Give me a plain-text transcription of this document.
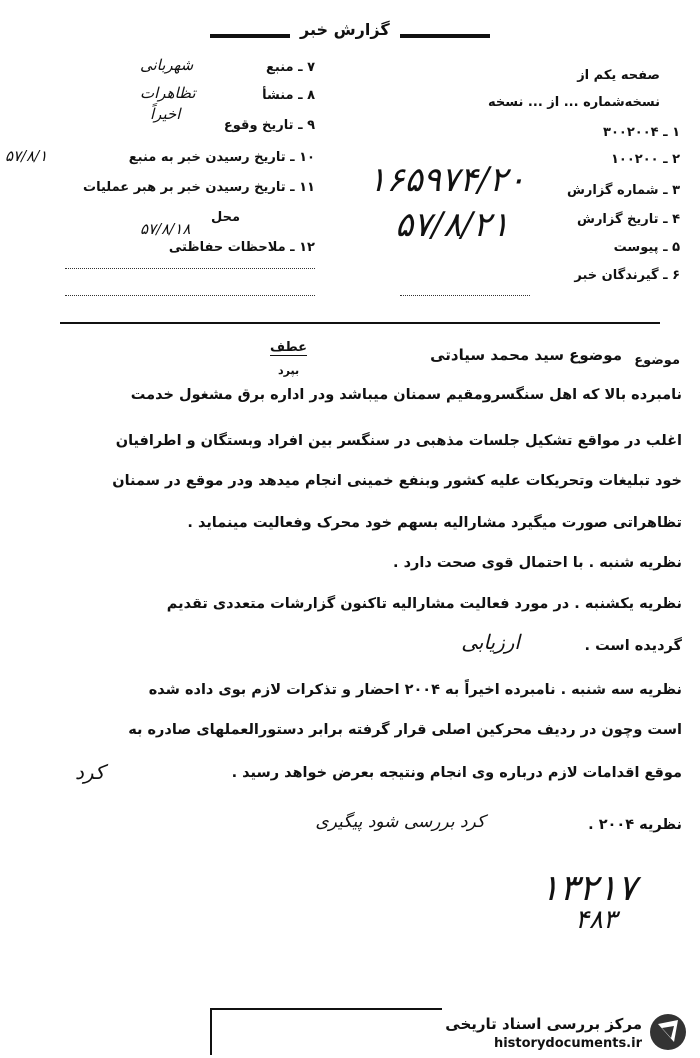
گزارش خبر
صفحه یکم از
نسخه‌شماره ... از ... نسخه
۷ ـ منبع
شهربانی
۸ ـ منشأ
تظاهرات
۹ ـ تاریخ وقوع
اخیراً
۱۰ ـ تاریخ رسیدن خبر به منبع
۵۷/۸/۱
۱۱ ـ تاریخ رسیدن خبر بر هبر عملیات
محل
۵۷/۸/۱۸
۱۲ ـ ملاحظات حفاظتی
۱ ـ ۳۰۰۲۰۰۴
۲ ـ ۱۰۰۲۰۰
۳ ـ شماره گزارش
۴ ـ تاریخ گزارش
۵ ـ پیوست
۶ ـ گیرندگان خبر
۱۶۵۹۷۴/۲۰
۵۷/۸/۲۱
عطف
بپرد
موضوع
موضوع سید محمد سیادتی
نامبرده بالا که اهل سنگسرومقیم سمنان میباشد ودر اداره برق مشغول خدمت
اغلب در مواقع تشکیل جلسات مذهبی در سنگسر بین افراد وبستگان و اطرافیان
خود تبلیغات وتحریکات علیه کشور وبنفع خمینی انجام میدهد ودر موقع در سمنان
تظاهراتی صورت میگیرد مشارالیه بسهم خود محرک وفعالیت مینماید .
نظریه شنبه . با احتمال قوی صحت دارد .
نظریه یکشنبه . در مورد فعالیت مشارالیه تاکنون گزارشات متعددی تقدیم
گردیده است .
ارزیابی
نظریه سه شنبه . نامبرده اخیراً به ۲۰۰۴ احضار و تذکرات لازم بوی داده شده
است وچون در ردیف محرکین اصلی قرار گرفته برابر دستورالعملهای صادره به
موقع اقدامات لازم درباره وی انجام ونتیجه بعرض خواهد رسید .
کرد
نظریه ۲۰۰۴ .
کرد بررسی شود پیگیری
۱۳۲۱۷
۴۸۳
مرکز بررسی اسناد تاریخی
historydocuments.ir
